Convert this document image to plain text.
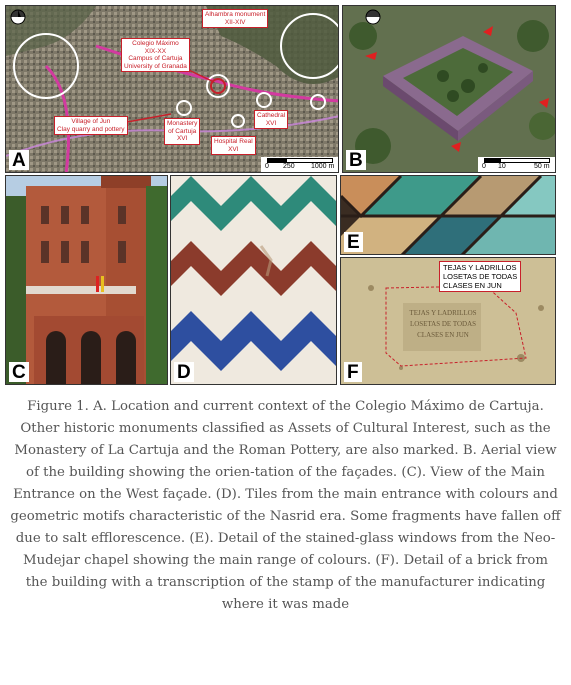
Alhambra monument
XII-XIV
Colegio Máximo
XIX-XX
Campus of Cartuja
University of Granada
Village of Jun
Clay quarry and pottery
Monastery
of Cartuja
XVI
Cathedral
XVI
Hospital Real
XVI
0 250 1000 m
A	0 10	50 m
B
C	D
E
TEJAS Y LADRILLOS
LOSETAS DE TODAS
CLASES EN JUN
TEJAS Y LADRILLOS
LOSETAS DE TODAS
CLASES EN JUN
F

Figure 1. A. Location and current context of the Colegio Máximo de Cartuja. Other historic monuments classified as Assets of Cultural Interest, such as the Monastery of La Cartuja and the Roman Pottery, are also marked. B. Aerial view of the building showing the orien-tation of the façades. (C). View of the Main Entrance on the West façade. (D). Tiles from the main entrance with colours and geometric motifs characteristic of the Nasrid era. Some fragments have fallen off due to salt efflorescence. (E). Detail of the stained-glass windows from the Neo-Mudejar chapel showing the main range of colours. (F). Detail of a brick from the building with a transcription of the stamp of the manufacturer indicating where it was made
